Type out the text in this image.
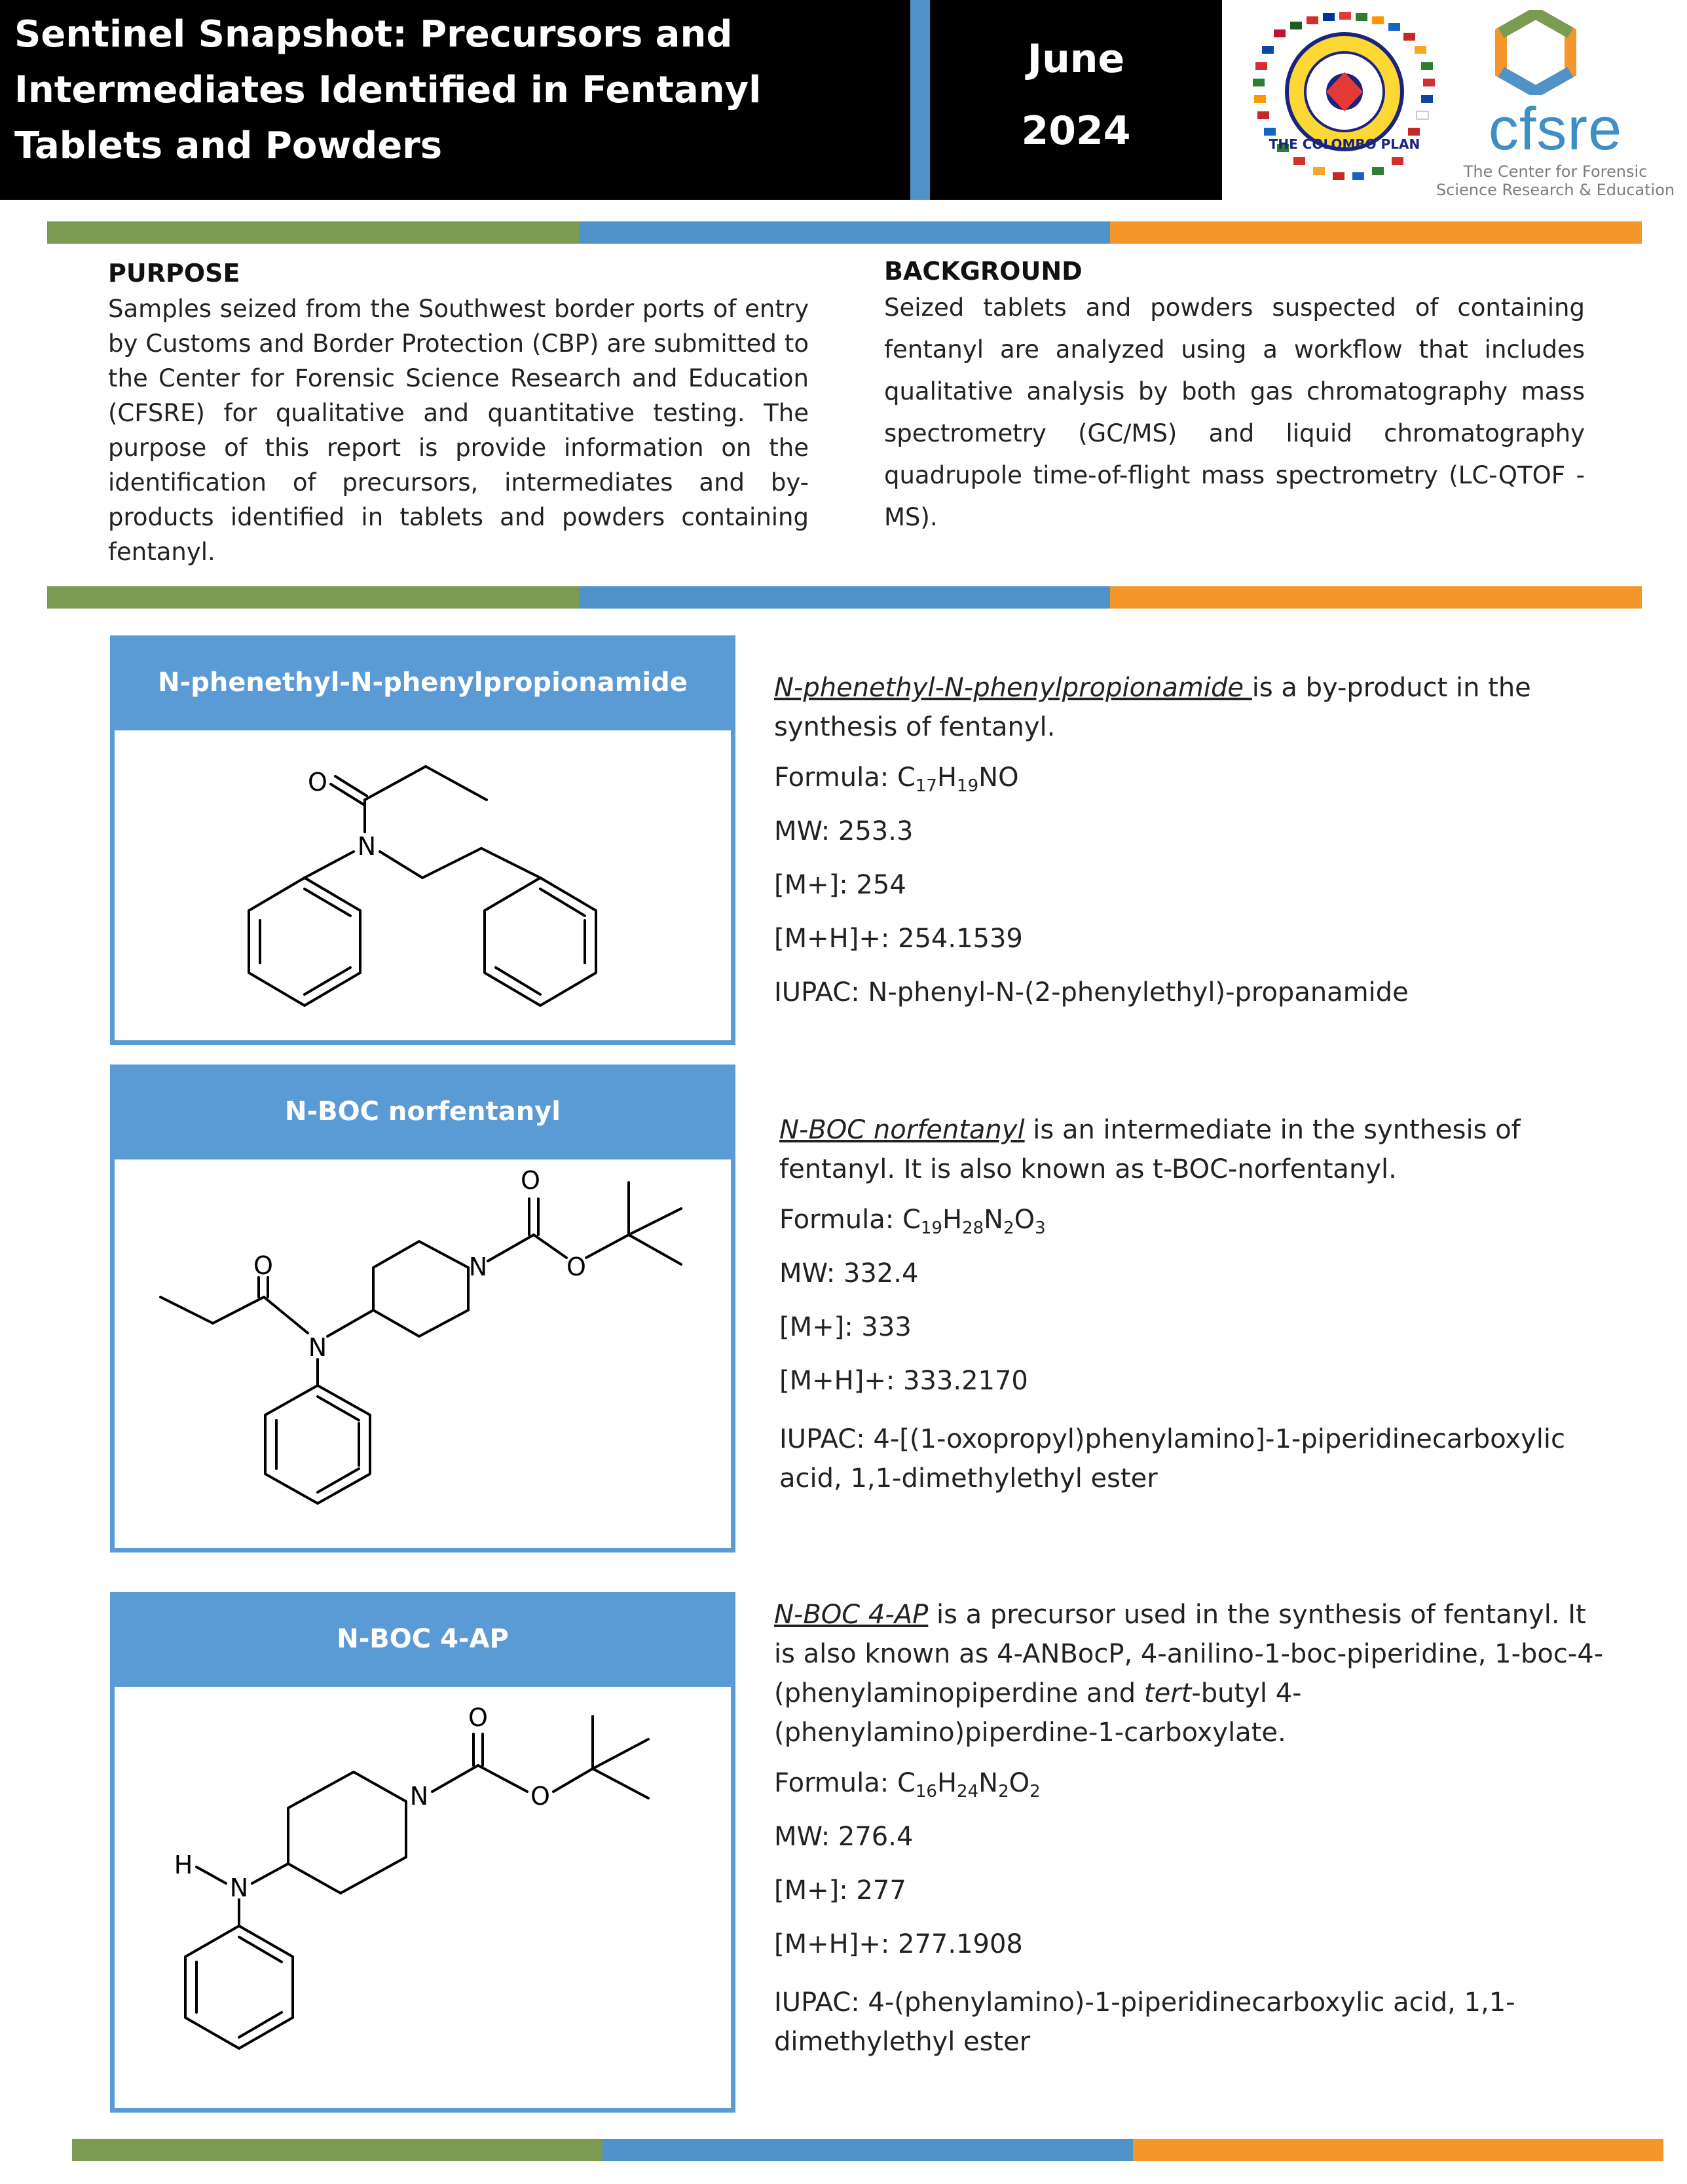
Sentinel Snapshot: Precursors and Intermediates Identified in Fentanyl Tablets and Powders
June
2024	THE COLOMBO PLAN	cfsre
The Center for Forensic
Science Research & Education
PURPOSE
Samples seized from the Southwest border ports of entry by Customs and Border Protection (CBP) are submitted to the Center for Forensic Science Research and Education (CFSRE) for qualitative and quantitative testing. The purpose of this report is provide information on the identification of precursors, intermediates and by-products identified in tablets and powders containing fentanyl.
BACKGROUND
Seized tablets and powders suspected of containing fentanyl are analyzed using a workflow that includes qualitative analysis by both gas chromatography mass spectrometry (GC/MS) and liquid chromatography quadrupole time-of-flight mass spectrometry (LC-QTOF -MS).
N-phenethyl-N-phenylpropionamide
O
N

N-phenethyl-N-phenylpropionamide is a by-product in the synthesis of fentanyl.

Formula: $C_{17}H_{19}NO$

MW: 253.3

[M+]: 254

[M+H]+: 254.1539

IUPAC: N-phenyl-N-(2-phenylethyl)-propanamide

N-BOC norfentanyl
O
N
N
O
O

N-BOC norfentanyl is an intermediate in the synthesis of fentanyl. It is also known as t-BOC-norfentanyl.

Formula: $C_{19}H_{28}N_2O_3$

MW: 332.4

[M+]: 333

[M+H]+: 333.2170

IUPAC: 4-[(1-oxopropyl)phenylamino]-1-piperidinecarboxylic acid, 1,1-dimethylethyl ester

N-BOC 4-AP
H
N
N
O
O

N-BOC 4-AP is a precursor used in the synthesis of fentanyl. It is also known as 4-ANBocP, 4-anilino-1-boc-piperidine, 1-boc-4-(phenylaminopiperdine and tert-butyl 4-(phenylamino)piperdine-1-carboxylate.

Formula: $C_{16}H_{24}N_2O_2$

MW: 276.4

[M+]: 277

[M+H]+: 277.1908

IUPAC: 4-(phenylamino)-1-piperidinecarboxylic acid, 1,1-dimethylethyl ester
